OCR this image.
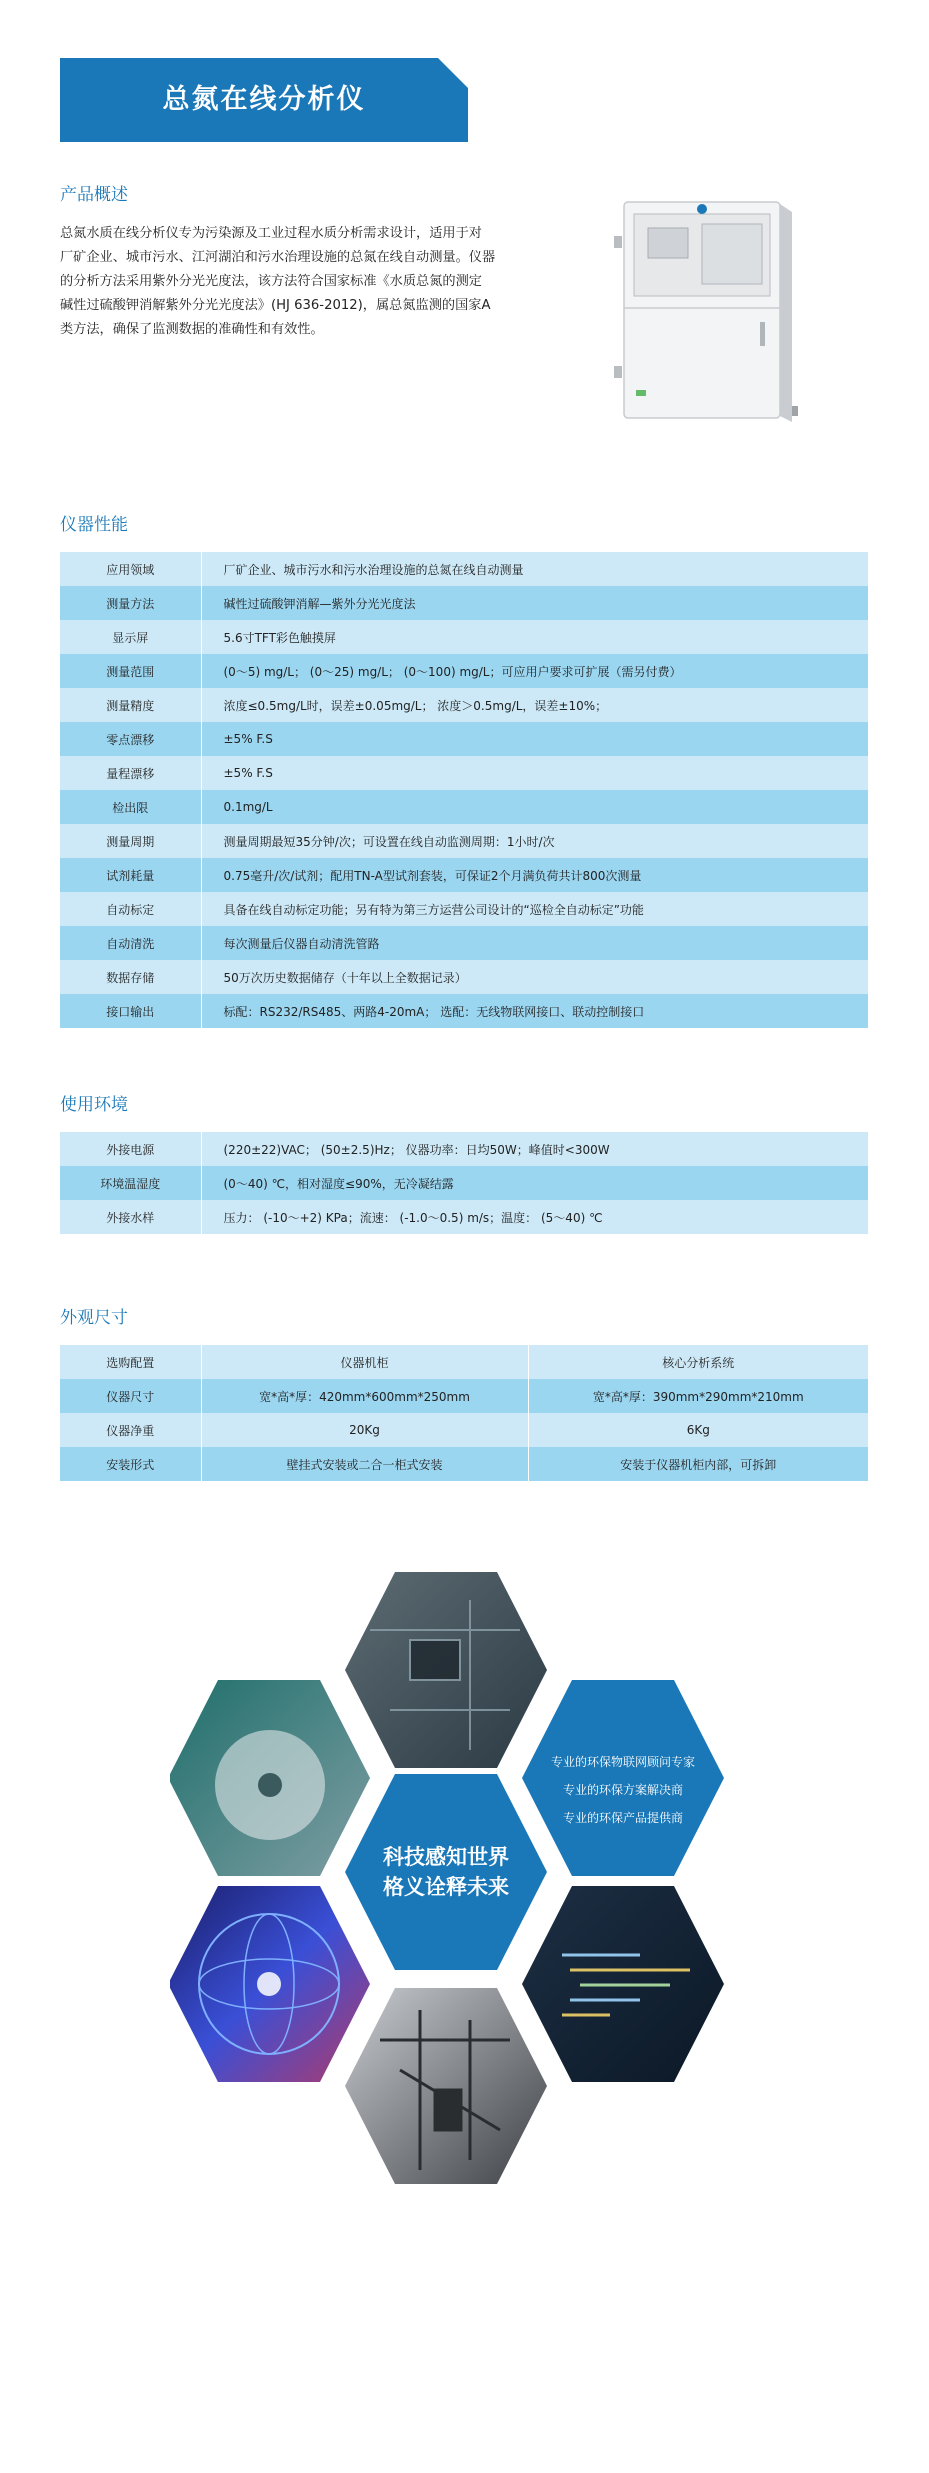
总氮在线分析仪
产品概述
总氮水质在线分析仪专为污染源及工业过程水质分析需求设计，适用于对
厂矿企业、城市污水、江河湖泊和污水治理设施的总氮在线自动测量。仪器
的分析方法采用紫外分光光度法，该方法符合国家标准《水质总氮的测定
碱性过硫酸钾消解紫外分光光度法》(HJ 636-2012)，属总氮监测的国家A
类方法，确保了监测数据的准确性和有效性。
仪器性能
应用领域	厂矿企业、城市污水和污水治理设施的总氮在线自动测量
测量方法	碱性过硫酸钾消解—紫外分光光度法
显示屏	5.6寸TFT彩色触摸屏
测量范围	(0～5) mg/L； (0～25) mg/L； (0～100) mg/L；可应用户要求可扩展（需另付费）
测量精度	浓度≤0.5mg/L时，误差±0.05mg/L； 浓度＞0.5mg/L，误差±10%；
零点漂移	±5% F.S
量程漂移	±5% F.S
检出限	0.1mg/L
测量周期	测量周期最短35分钟/次；可设置在线自动监测周期：1小时/次
试剂耗量	0.75毫升/次/试剂；配用TN-A型试剂套装，可保证2个月满负荷共计800次测量
自动标定	具备在线自动标定功能；另有特为第三方运营公司设计的“巡检全自动标定”功能
自动清洗	每次测量后仪器自动清洗管路
数据存储	50万次历史数据储存（十年以上全数据记录）
接口输出	标配：RS232/RS485、两路4-20mA； 选配：无线物联网接口、联动控制接口
使用环境
外接电源	(220±22)VAC； (50±2.5)Hz； 仪器功率：日均50W；峰值时<300W
环境温湿度	(0～40) ℃，相对湿度≤90%，无冷凝结露
外接水样	压力： (-10～+2) KPa；流速： (-1.0～0.5) m/s；温度： (5～40) ℃
外观尺寸
选购配置	仪器机柜	核心分析系统
仪器尺寸	宽*高*厚：420mm*600mm*250mm	宽*高*厚：390mm*290mm*210mm
仪器净重	20Kg	6Kg
安装形式	壁挂式安装或二合一柜式安装	安装于仪器机柜内部，可拆卸
科技感知世界
格义诠释未来
专业的环保物联网顾问专家
专业的环保方案解决商
专业的环保产品提供商
